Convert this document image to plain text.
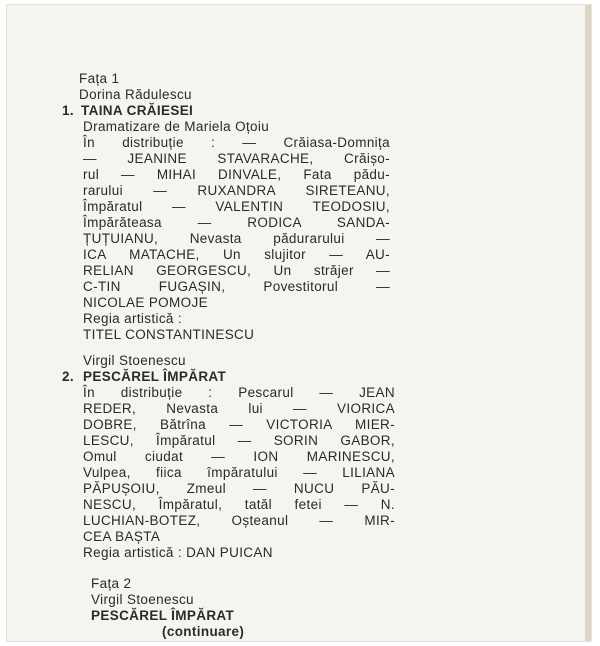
Fața 1
Dorina Rădulescu
1. TAINA CRĂIESEI
Dramatizare de Mariela Oțoiu
În distribuție : — Crăiasa-Domnița
— JEANINE STAVARACHE, Crăișo-
rul — MIHAI DINVALE, Fata pădu-
rarului — RUXANDRA SIRETEANU,
Împăratul — VALENTIN TEODOSIU,
Împărăteasa — RODICA SANDA-
ȚUȚUIANU, Nevasta pădurarului —
ICA MATACHE, Un slujitor — AU-
RELIAN GEORGESCU, Un străjer —
C-TIN FUGAȘIN, Povestitorul —
NICOLAE POMOJE
Regia artistică :
TITEL CONSTANTINESCU
Virgil Stoenescu
2. PESCĂREL ÎMPĂRAT
În distribuție : Pescarul — JEAN
REDER, Nevasta lui — VIORICA
DOBRE, Bătrîna — VICTORIA MIER-
LESCU, Împăratul — SORIN GABOR,
Omul ciudat — ION MARINESCU,
Vulpea, fiica împăratului — LILIANA
PĂPUȘOIU, Zmeul — NUCU PĂU-
NESCU, Împăratul, tatăl fetei — N.
LUCHIAN-BOTEZ, Oșteanul — MIR-
CEA BAȘTA
Regia artistică : DAN PUICAN
Fața 2
Virgil Stoenescu
PESCĂREL ÎMPĂRAT
(continuare)
